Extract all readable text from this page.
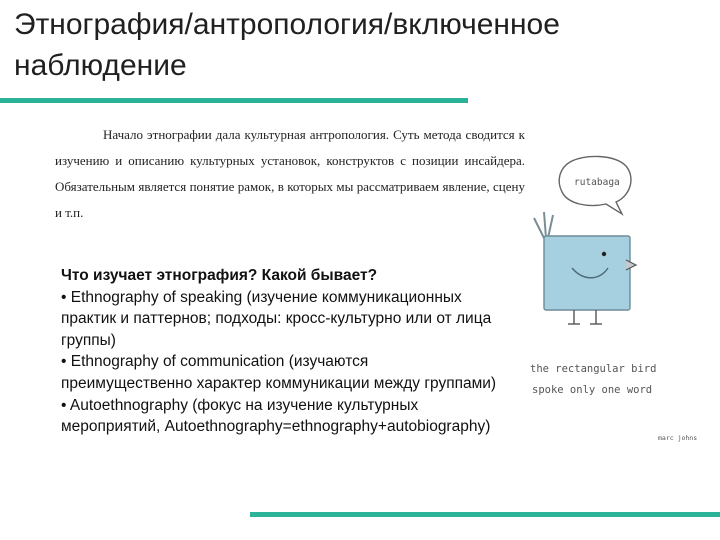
Этнография/антропология/включенное наблюдение

Начало этнографии дала культурная антропология. Суть метода сводится к изучению и описанию культурных установок, конструктов с позиции инсайдера. Обязательным является понятие рамок, в которых мы рассматриваем явление, сцену и т.п.

Что изучает этнография? Какой бывает?
• Ethnography of speaking (изучение коммуникационных практик и паттернов; подходы: кросс-культурно или от лица группы)
• Ethnography of communication (изучаются преимущественно характер коммуникации между группами)
• Autoethnography (фокус на изучение культурных мероприятий, Autoethnography=ethnography+autobiography)
rutabaga
the rectangular bird
spoke only one word
marc johns
